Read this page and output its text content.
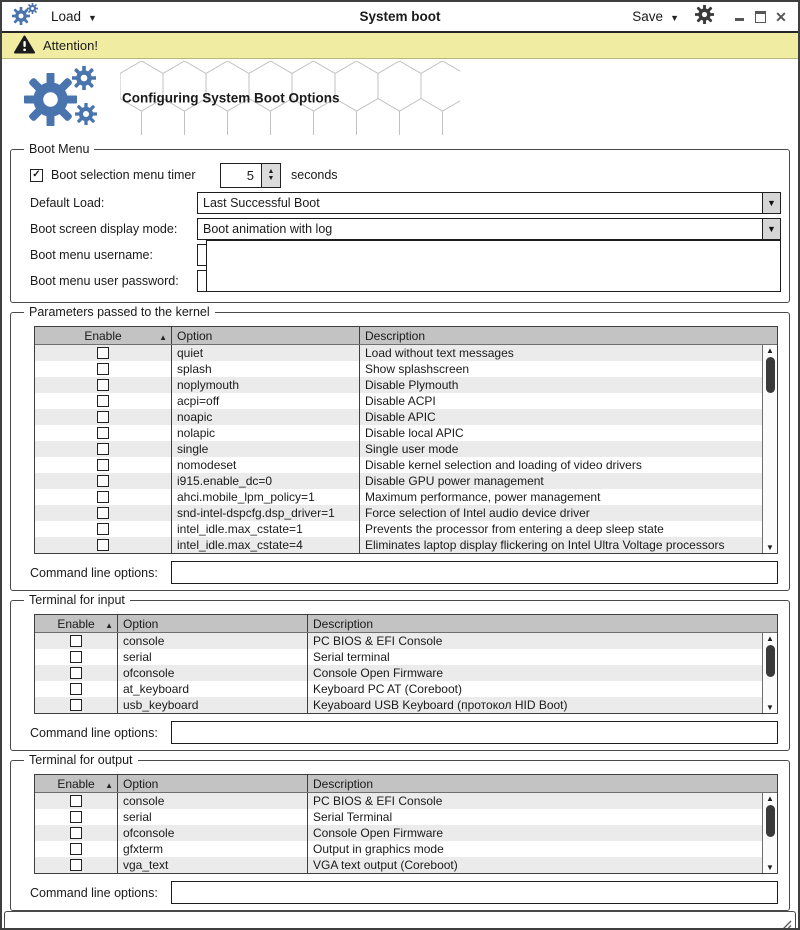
Load ▼	System boot	Save
▼
✕
Attention!
Configuring System Boot Options
Boot Menu
✓
Boot selection menu timer	5 ▲ ▼	seconds
Default Load:	Last Successful Boot
▼
Boot screen display mode:	Boot animation with log
▼
Boot menu username:
Boot menu user password:
Parameters passed to the kernel
Enable ▲	Option	Description
quiet	Load without text messages
splash	Show splashscreen
noplymouth	Disable Plymouth
acpi=off	Disable ACPI
noapic	Disable APIC
nolapic	Disable local APIC
single	Single user mode
nomodeset	Disable kernel selection and loading of video drivers
i915.enable_dc=0	Disable GPU power management
ahci.mobile_lpm_policy=1	Maximum performance, power management
snd-intel-dspcfg.dsp_driver=1	Force selection of Intel audio device driver
intel_idle.max_cstate=1	Prevents the processor from entering a deep sleep state
intel_idle.max_cstate=4	Eliminates laptop display flickering on Intel Ultra Voltage processors
▲
▼
Command line options:
Terminal for input
Enable ▲	Option	Description
console	PC BIOS & EFI Console
serial	Serial terminal
ofconsole	Console Open Firmware
at_keyboard	Keyboard PC AT (Coreboot)
usb_keyboard	Keyaboard USB Keyboard (протокол HID Boot)
▲
▼
Command line options:
Terminal for output
Enable ▲	Option	Description
console	PC BIOS & EFI Console
serial	Serial Terminal
ofconsole	Console Open Firmware
gfxterm	Output in graphics mode
vga_text	VGA text output (Coreboot)
▲
▼
Command line options:
